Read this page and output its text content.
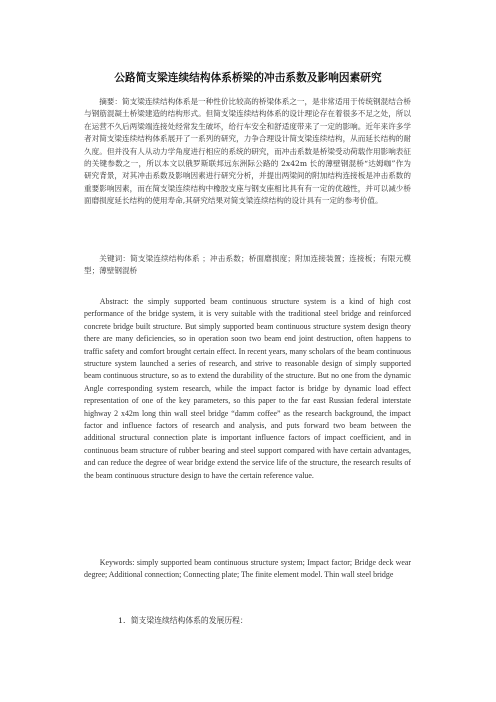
公路简支梁连续结构体系桥梁的冲击系数及影响因素研究

摘要：简支梁连续结构体系是一种性价比较高的桥梁体系之一，是非常适用于传统钢混结合桥与钢筋混凝土桥梁建造的结构形式。但简支梁连续结构体系的设计理论存在着很多不足之处，所以在运营不久后两梁端连接处经常发生破坏，给行车安全和舒适度带来了一定的影响。近年来许多学者对简支梁连续结构体系展开了一系列的研究，力争合理设计简支梁连续结构，从而延长结构的耐久度。但并没有人从动力学角度进行相应的系统的研究，而冲击系数是桥梁受动荷载作用影响表征的关键参数之一，所以本文以俄罗斯联邦远东洲际公路的 2x42m 长的薄壁钢混桥“达姆咖”作为研究背景，对其冲击系数及影响因素进行研究分析，并提出两梁间的附加结构连接板是冲击系数的重要影响因素，而在简支梁连续结构中橡胶支座与钢支座相比具有有一定的优越性，并可以减少桥面磨损度延长结构的使用寿命,其研究结果对简支梁连续结构的设计具有一定的参考价值。

关键词：简支梁连续结构体系 ；冲击系数；桥面磨损度；附加连接装置；连接板；有限元模型；薄壁钢混桥

Abstract: the simply supported beam continuous structure system is a kind of high cost performance of the bridge system, it is very suitable with the traditional steel bridge and reinforced concrete bridge built structure. But simply supported beam continuous structure system design theory there are many deficiencies, so in operation soon two beam end joint destruction, often happens to traffic safety and comfort brought certain effect. In recent years, many scholars of the beam continuous structure system launched a series of research, and strive to reasonable design of simply supported beam continuous structure, so as to extend the durability of the structure. But no one from the dynamic Angle corresponding system research, while the impact factor is bridge by dynamic load effect representation of one of the key parameters, so this paper to the far east Russian federal interstate highway 2 x42m long thin wall steel bridge “damm coffee” as the research background, the impact factor and influence factors of research and analysis, and puts forward two beam between the additional structural connection plate is important influence factors of impact coefficient, and in continuous beam structure of rubber bearing and steel support compared with have certain advantages, and can reduce the degree of wear bridge extend the service life of the structure, the research results of the beam continuous structure design to have the certain reference value.

Keywords: simply supported beam continuous structure system; Impact factor; Bridge deck wear degree; Additional connection; Connecting plate; The finite element model. Thin wall steel bridge

1．简支梁连续结构体系的发展历程：
